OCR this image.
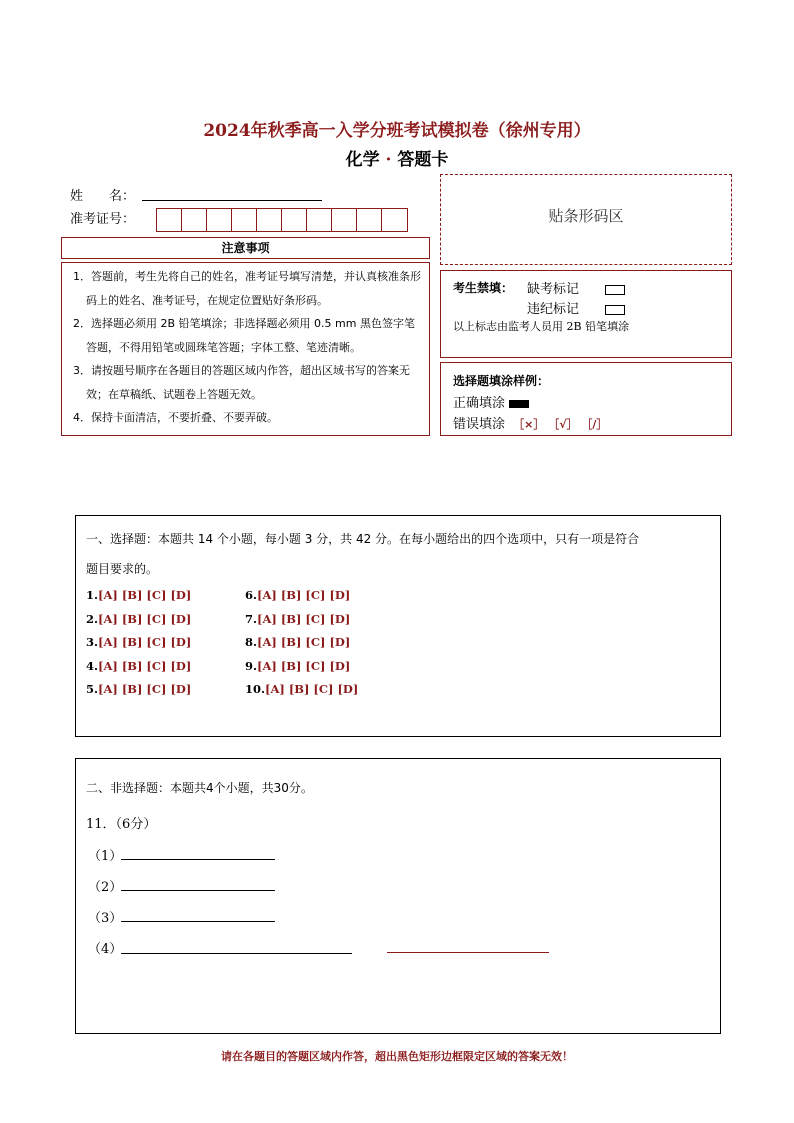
2024年秋季高一入学分班考试模拟卷（徐州专用）
化学 · 答题卡
姓　　名：
准考证号：	贴条形码区
注意事项
1．答题前，考生先将自己的姓名，准考证号填写清楚，并认真核准条形码上的姓名、准考证号，在规定位置贴好条形码。
2．选择题必须用 2B 铅笔填涂；非选择题必须用 0.5 mm 黑色签字笔答题，不得用铅笔或圆珠笔答题；字体工整、笔迹清晰。
3．请按题号顺序在各题目的答题区域内作答，超出区域书写的答案无效；在草稿纸、试题卷上答题无效。
4．保持卡面清洁，不要折叠、不要弄破。
考生禁填： 缺考标记
违纪标记
以上标志由监考人员用 2B 铅笔填涂
选择题填涂样例：
正确填涂
错误填涂 ［×］ ［√］ ［/］
一、选择题：本题共 14 个小题，每小题 3 分，共 42 分。在每小题给出的四个选项中，只有一项是符合
题目要求的。
1.[A] [B] [C] [D]
2.[A] [B] [C] [D]
3.[A] [B] [C] [D]
4.[A] [B] [C] [D]
5.[A] [B] [C] [D]
6.[A] [B] [C] [D]
7.[A] [B] [C] [D]
8.[A] [B] [C] [D]
9.[A] [B] [C] [D]
10.[A] [B] [C] [D]
二、非选择题：本题共4个小题，共30分。
11．（6分）
（1）
（2）
（3）
（4）
请在各题目的答题区域内作答，超出黑色矩形边框限定区域的答案无效！
